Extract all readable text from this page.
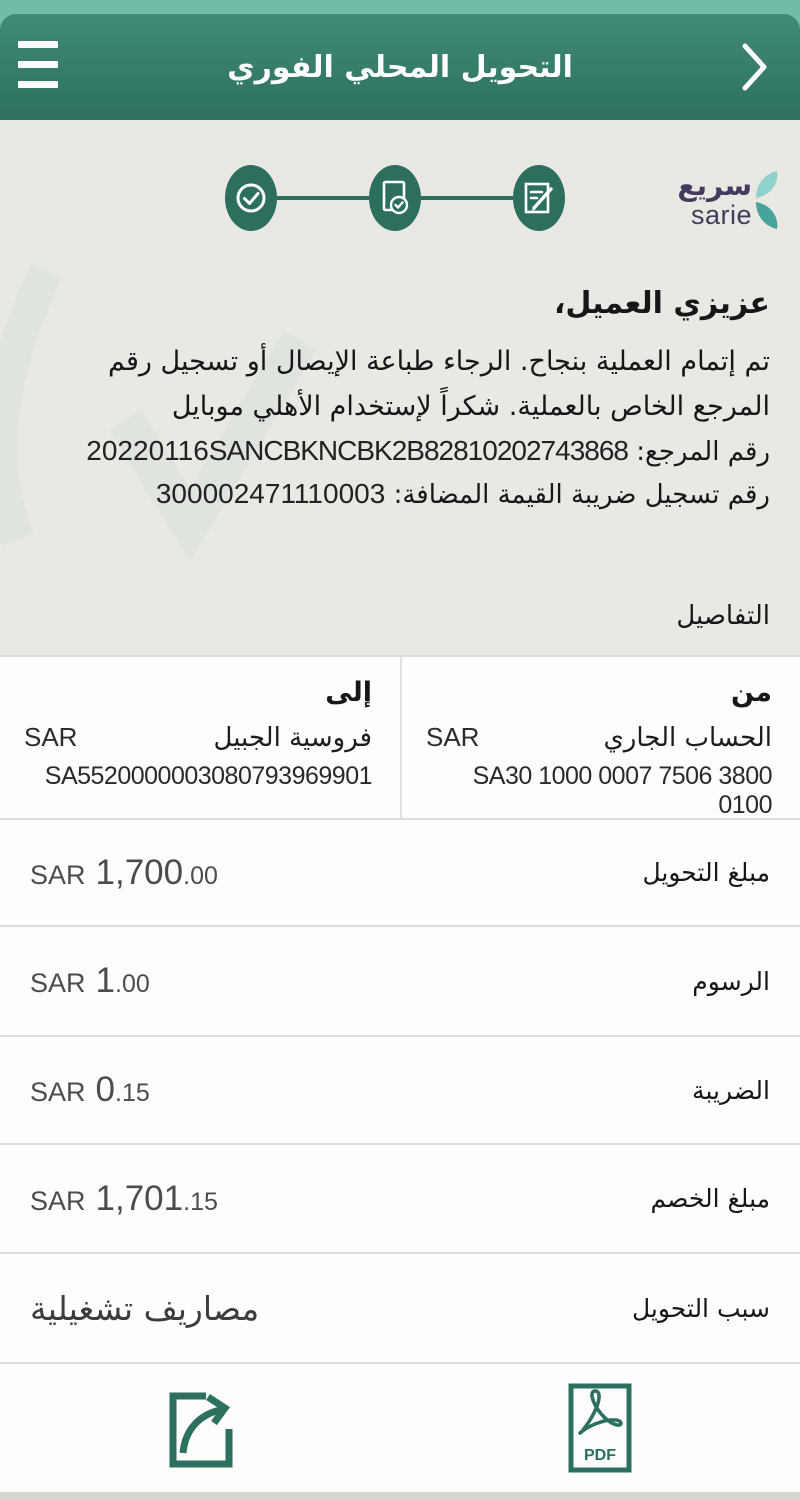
التحويل المحلي الفوري
سريع
sarie
عزيزي العميل،
تم إتمام العملية بنجاح. الرجاء طباعة الإيصال أو تسجيل رقم المرجع الخاص بالعملية. شكراً لإستخدام الأهلي موبايل
رقم المرجع: 20220116SANCBKNCBK2B82810202743868
رقم تسجيل ضريبة القيمة المضافة: 300002471110003
التفاصيل
من
الحساب الجاري
SAR
SA30 1000 0007 7506 3800 0100
إلى
فروسية الجبيل
SAR
SA5520000003080793969901
مبلغ التحويل
SAR 1,700 .00
الرسوم
SAR 1 .00
الضريبة
SAR 0 .15
مبلغ الخصم
SAR 1,701 .15
سبب التحويل
مصاريف تشغيلية
PDF
